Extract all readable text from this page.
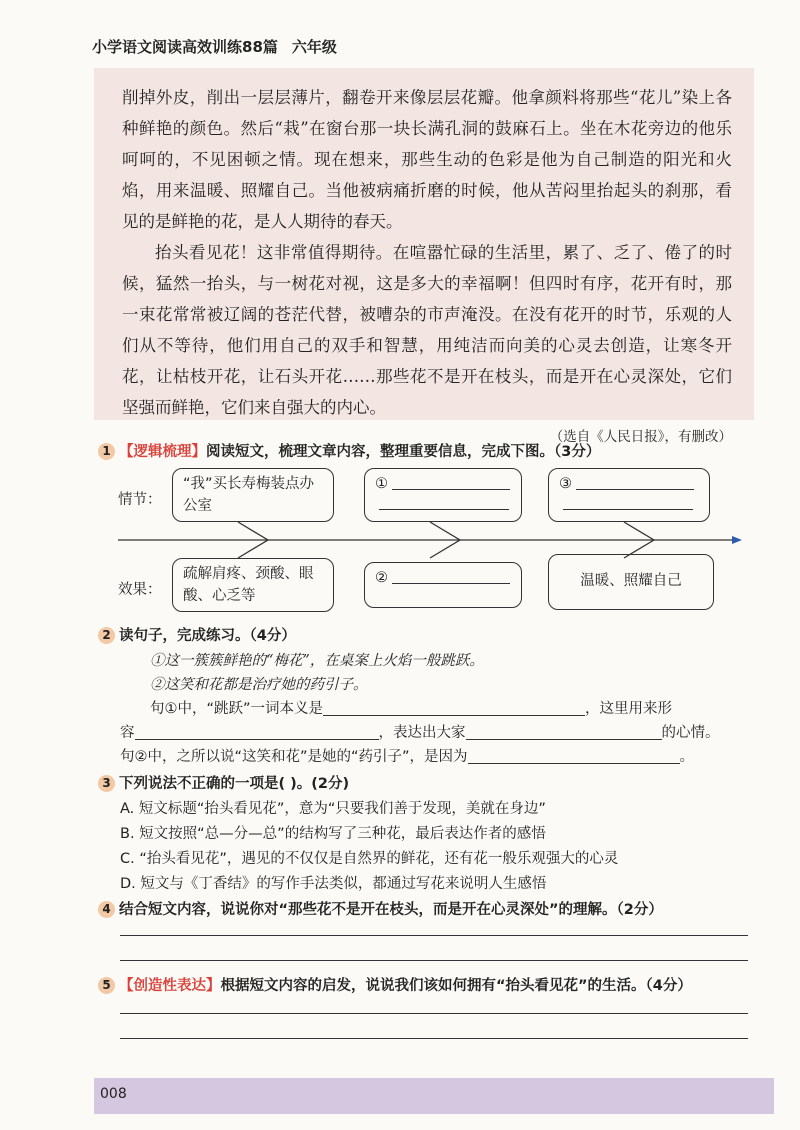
小学语文阅读高效训练88篇 六年级

削掉外皮，削出一层层薄片，翻卷开来像层层花瓣。他拿颜料将那些“花儿”染上各种鲜艳的颜色。然后“栽”在窗台那一块长满孔洞的鼓麻石上。坐在木花旁边的他乐呵呵的，不见困顿之情。现在想来，那些生动的色彩是他为自己制造的阳光和火焰，用来温暖、照耀自己。当他被病痛折磨的时候，他从苦闷里抬起头的刹那，看见的是鲜艳的花，是人人期待的春天。

抬头看见花！这非常值得期待。在喧嚣忙碌的生活里，累了、乏了、倦了的时候，猛然一抬头，与一树花对视，这是多大的幸福啊！但四时有序，花开有时，那一束花常常被辽阔的苍茫代替，被嘈杂的市声淹没。在没有花开的时节，乐观的人们从不等待，他们用自己的双手和智慧，用纯洁而向美的心灵去创造，让寒冬开花，让枯枝开花，让石头开花……那些花不是开在枝头，而是开在心灵深处，它们坚强而鲜艳，它们来自强大的内心。

（选自《人民日报》，有删改）
1 【逻辑梳理】阅读短文，梳理文章内容，整理重要信息，完成下图。（3分）
情节：
效果：
“我”买长寿梅装点办公室
①	③
疏解肩疼、颈酸、眼酸、心乏等
②	温暖、照耀自己
2 读句子，完成练习。（4分）
①这一簇簇鲜艳的“梅花”，在桌案上火焰一般跳跃。
②这笑和花都是治疗她的药引子。
句①中，“跳跃”一词本义是	，这里用来形
容	，表达出大家	的心情。
句②中，之所以说“这笑和花”是她的“药引子”，是因为	。
3 下列说法不正确的一项是( )。(2分)
A. 短文标题“抬头看见花”，意为“只要我们善于发现，美就在身边”
B. 短文按照“总—分—总”的结构写了三种花，最后表达作者的感悟
C. “抬头看见花”，遇见的不仅仅是自然界的鲜花，还有花一般乐观强大的心灵
D. 短文与《丁香结》的写作手法类似，都通过写花来说明人生感悟
4 结合短文内容，说说你对“那些花不是开在枝头，而是开在心灵深处”的理解。（2分）
5 【创造性表达】根据短文内容的启发，说说我们该如何拥有“抬头看见花”的生活。（4分）
008
